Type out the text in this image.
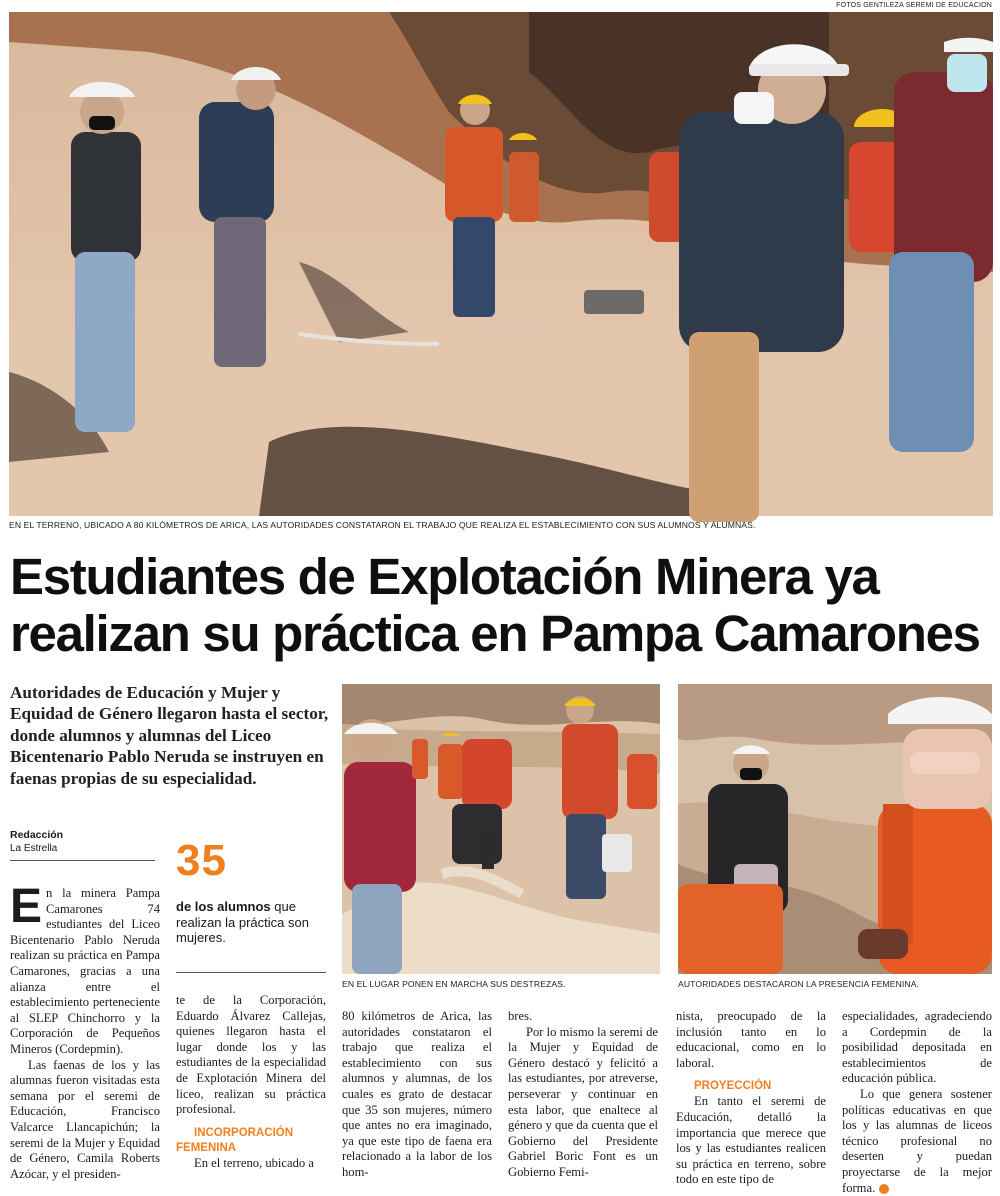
FOTOS GENTILEZA SEREMI DE EDUCACION
EN EL TERRENO, UBICADO A 80 KILÓMETROS DE ARICA, LAS AUTORIDADES CONSTATARON EL TRABAJO QUE REALIZA EL ESTABLECIMIENTO CON SUS ALUMNOS Y ALUMNAS.
Estudiantes de Explotación Minera ya
realizan su práctica en Pampa Camarones

Autoridades de Educación y Mujer y Equidad de Género llegaron hasta el sector, donde alumnos y alumnas del Liceo Bicentenario Pablo Neruda se instruyen en faenas propias de su especialidad.

Redacción
La Estrella	35
de los alumnos que realizan la práctica son mujeres.
EN EL LUGAR PONEN EN MARCHA SUS DESTREZAS.	AUTORIDADES DESTACARON LA PRESENCIA FEMENINA.

En la minera Pampa Camarones 74 estudiantes del Liceo Bicentenario Pablo Neruda realizan su práctica en Pampa Camarones, gracias a una alianza entre el establecimiento perteneciente al SLEP Chinchorro y la Corporación de Pequeños Mineros (Cordepmin).

Las faenas de los y las alumnas fueron visitadas esta semana por el seremi de Educación, Francisco Valcarce Llancapichún; la seremi de la Mujer y Equidad de Género, Camila Roberts Azócar, y el presiden-

te de la Corporación, Eduardo Álvarez Callejas, quienes llegaron hasta el lugar donde los y las estudiantes de la especialidad de Explotación Minera del liceo, realizan su práctica profesional.

INCORPORACIÓN FEMENINA

En el terreno, ubicado a

80 kilómetros de Arica, las autoridades constataron el trabajo que realiza el establecimiento con sus alumnos y alumnas, de los cuales es grato de destacar que 35 son mujeres, número que antes no era imaginado, ya que este tipo de faena era relacionado a la labor de los hom-

bres.

Por lo mismo la seremi de la Mujer y Equidad de Género destacó y felicitó a las estudiantes, por atreverse, perseverar y continuar en esta labor, que enaltece al género y que da cuenta que el Gobierno del Presidente Gabriel Boric Font es un Gobierno Femi-

nista, preocupado de la inclusión tanto en lo educacional, como en lo laboral.

PROYECCIÓN

En tanto el seremi de Educación, detalló la importancia que merece que los y las estudiantes realicen su práctica en terreno, sobre todo en este tipo de

especialidades, agradeciendo a Cordepmin de la posibilidad depositada en establecimientos de educación pública.

Lo que genera sostener políticas educativas en que los y las alumnas de liceos técnico profesional no deserten y puedan proyectarse de la mejor forma.	✦
